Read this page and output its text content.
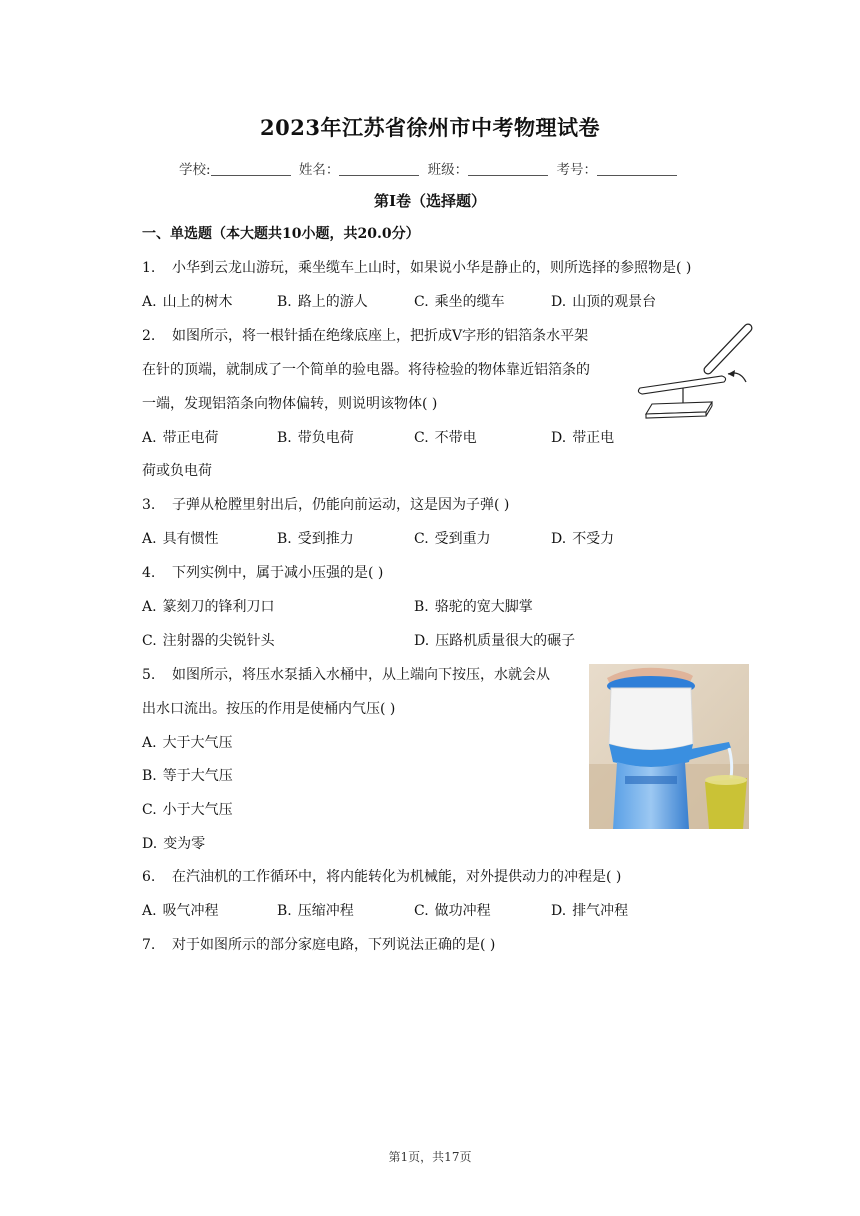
2023年江苏省徐州市中考物理试卷
学校:	姓名：	班级：	考号：
第I卷（选择题）
一、单选题（本大题共10小题，共20.0分）
1. 小华到云龙山游玩，乘坐缆车上山时，如果说小华是静止的，则所选择的参照物是( )
A. 山上的树木	B. 路上的游人	C. 乘坐的缆车	D. 山顶的观景台
2. 如图所示，将一根针插在绝缘底座上，把折成V字形的铝箔条水平架
在针的顶端，就制成了一个简单的验电器。将待检验的物体靠近铝箔条的
一端，发现铝箔条向物体偏转，则说明该物体( )
A. 带正电荷	B. 带负电荷	C. 不带电	D. 带正电
荷或负电荷
3. 子弹从枪膛里射出后，仍能向前运动，这是因为子弹( )
A. 具有惯性	B. 受到推力	C. 受到重力	D. 不受力
4. 下列实例中，属于减小压强的是( )
A. 篆刻刀的锋利刀口	B. 骆驼的宽大脚掌
C. 注射器的尖锐针头	D. 压路机质量很大的碾子
5. 如图所示，将压水泵插入水桶中，从上端向下按压，水就会从
出水口流出。按压的作用是使桶内气压( )
A. 大于大气压
B. 等于大气压
C. 小于大气压
D. 变为零
6. 在汽油机的工作循环中，将内能转化为机械能，对外提供动力的冲程是( )
A. 吸气冲程	B. 压缩冲程	C. 做功冲程	D. 排气冲程
7. 对于如图所示的部分家庭电路，下列说法正确的是( )
第1页，共17页
